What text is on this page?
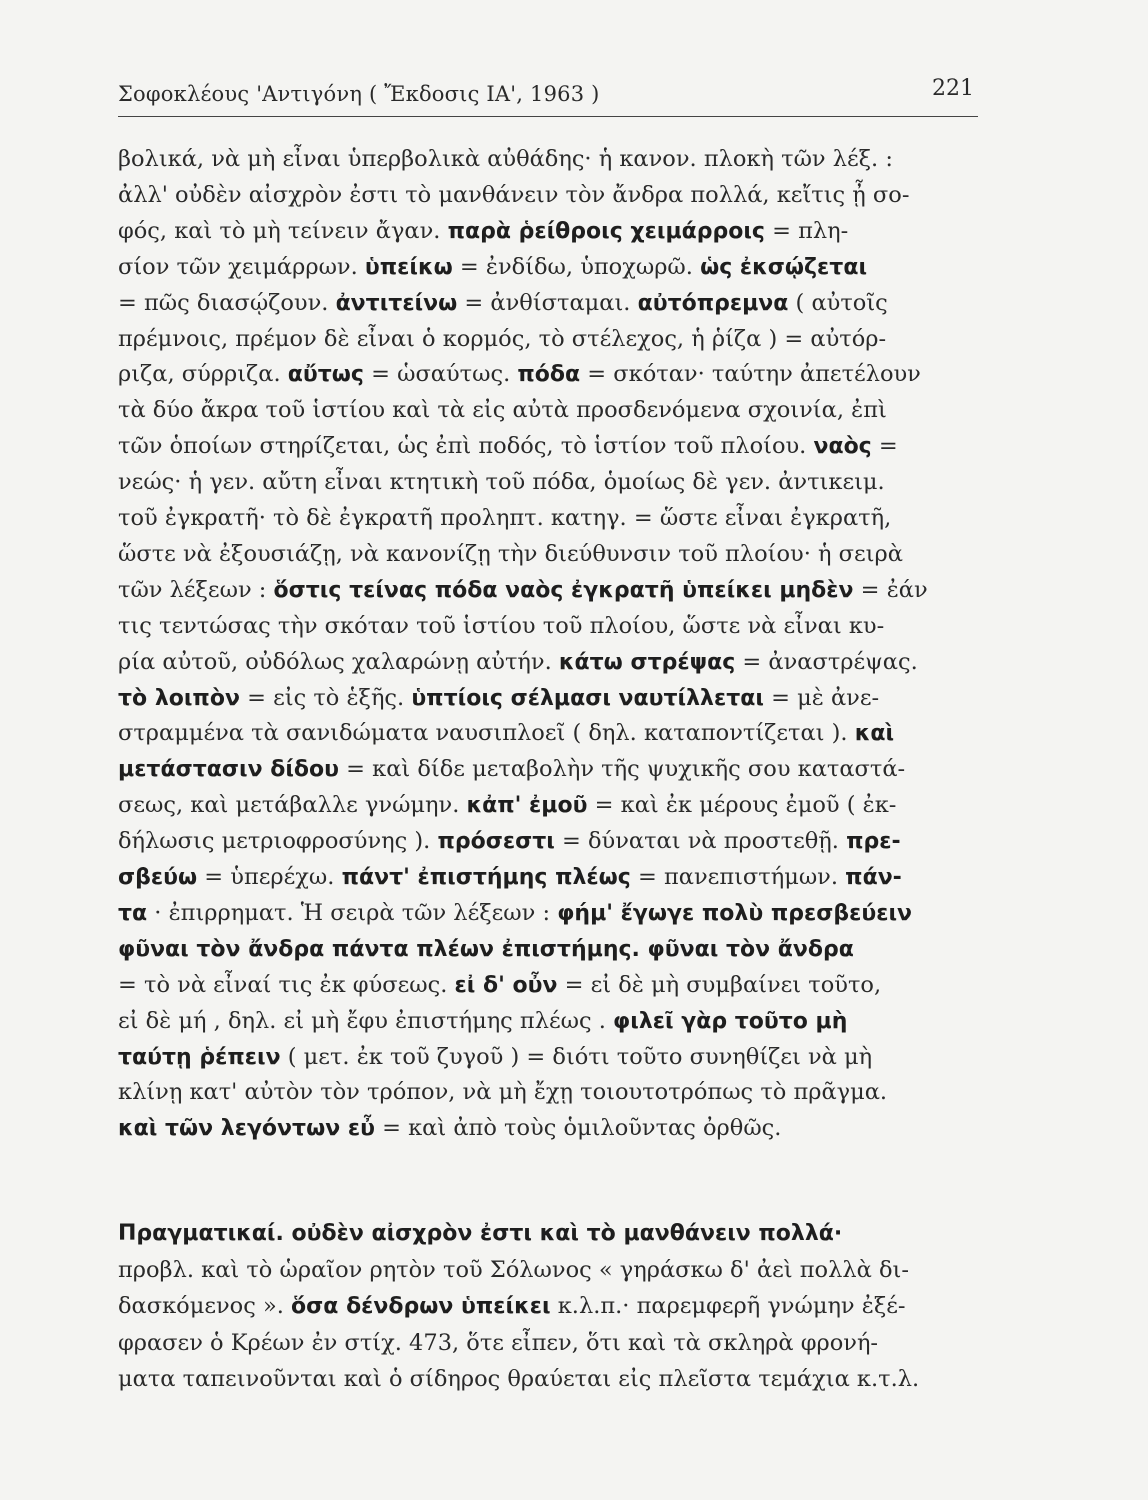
Σοφοκλέους 'Αντιγόνη ( Ἔκδοσις ΙΑ', 1963 )	221
βολικά, νὰ μὴ εἶναι ὑπερβολικὰ αὐθάδης· ἡ κανον. πλοκὴ τῶν λέξ. :
ἀλλ' οὐδὲν αἰσχρὸν ἐστι τὸ μανθάνειν τὸν ἄνδρα πολλά, κεἴτις ᾖ σο-
φός, καὶ τὸ μὴ τείνειν ἄγαν. παρὰ ῥείθροις χειμάρροις = πλη-
σίον τῶν χειμάρρων. ὑπείκω = ἐνδίδω, ὑποχωρῶ. ὡς ἐκσῴζεται
= πῶς διασῴζουν. ἀντιτείνω = ἀνθίσταμαι. αὐτόπρεμνα ( αὐτοῖς
πρέμνοις, πρέμον δὲ εἶναι ὁ κορμός, τὸ στέλεχος, ἡ ῥίζα ) = αὐτόρ-
ριζα, σύρριζα. αὔτως = ὡσαύτως. πόδα = σκόταν· ταύτην ἀπετέλουν
τὰ δύο ἄκρα τοῦ ἱστίου καὶ τὰ εἰς αὐτὰ προσδενόμενα σχοινία, ἐπὶ
τῶν ὁποίων στηρίζεται, ὡς ἐπὶ ποδός, τὸ ἱστίον τοῦ πλοίου. ναὸς =
νεώς· ἡ γεν. αὔτη εἶναι κτητικὴ τοῦ πόδα, ὁμοίως δὲ γεν. ἀντικειμ.
τοῦ ἐγκρατῆ· τὸ δὲ ἐγκρατῆ προληπτ. κατηγ. = ὥστε εἶναι ἐγκρατῆ,
ὥστε νὰ ἐξουσιάζῃ, νὰ κανονίζῃ τὴν διεύθυνσιν τοῦ πλοίου· ἡ σειρὰ
τῶν λέξεων : ὅστις τείνας πόδα ναὸς ἐγκρατῆ ὑπείκει μηδὲν = ἐάν
τις τεντώσας τὴν σκόταν τοῦ ἱστίου τοῦ πλοίου, ὥστε νὰ εἶναι κυ-
ρία αὐτοῦ, οὐδόλως χαλαρώνῃ αὐτήν. κάτω στρέψας = ἀναστρέψας.
τὸ λοιπὸν = εἰς τὸ ἑξῆς. ὑπτίοις σέλμασι ναυτίλλεται = μὲ ἀνε-
στραμμένα τὰ σανιδώματα ναυσιπλοεῖ ( δηλ. καταποντίζεται ). καὶ
μετάστασιν δίδου = καὶ δίδε μεταβολὴν τῆς ψυχικῆς σου καταστά-
σεως, καὶ μετάβαλλε γνώμην. κἀπ' ἐμοῦ = καὶ ἐκ μέρους ἐμοῦ ( ἐκ-
δήλωσις μετριοφροσύνης ). πρόσεστι = δύναται νὰ προστεθῇ. πρε-
σβεύω = ὑπερέχω. πάντ' ἐπιστήμης πλέως = πανεπιστήμων. πάν-
τα · ἐπιρρηματ. Ἡ σειρὰ τῶν λέξεων : φήμ' ἔγωγε πολὺ πρεσβεύειν
φῦναι τὸν ἄνδρα πάντα πλέων ἐπιστήμης. φῦναι τὸν ἄνδρα
= τὸ νὰ εἶναί τις ἐκ φύσεως. εἰ δ' οὖν = εἰ δὲ μὴ συμβαίνει τοῦτο,
εἰ δὲ μή , δηλ. εἰ μὴ ἔφυ ἐπιστήμης πλέως . φιλεῖ γὰρ τοῦτο μὴ
ταύτῃ ῥέπειν ( μετ. ἐκ τοῦ ζυγοῦ ) = διότι τοῦτο συνηθίζει νὰ μὴ
κλίνῃ κατ' αὐτὸν τὸν τρόπον, νὰ μὴ ἔχῃ τοιουτοτρόπως τὸ πρᾶγμα.
καὶ τῶν λεγόντων εὖ = καὶ ἀπὸ τοὺς ὁμιλοῦντας ὀρθῶς.
Πραγματικαί. οὐδὲν αἰσχρὸν ἐστι καὶ τὸ μανθάνειν πολλά·
προβλ. καὶ τὸ ὡραῖον ρητὸν τοῦ Σόλωνος « γηράσκω δ' ἀεὶ πολλὰ δι-
δασκόμενος ». ὅσα δένδρων ὑπείκει κ.λ.π.· παρεμφερῆ γνώμην ἐξέ-
φρασεν ὁ Κρέων ἐν στίχ. 473, ὅτε εἶπεν, ὅτι καὶ τὰ σκληρὰ φρονή-
ματα ταπεινοῦνται καὶ ὁ σίδηρος θραύεται εἰς πλεῖστα τεμάχια κ.τ.λ.
